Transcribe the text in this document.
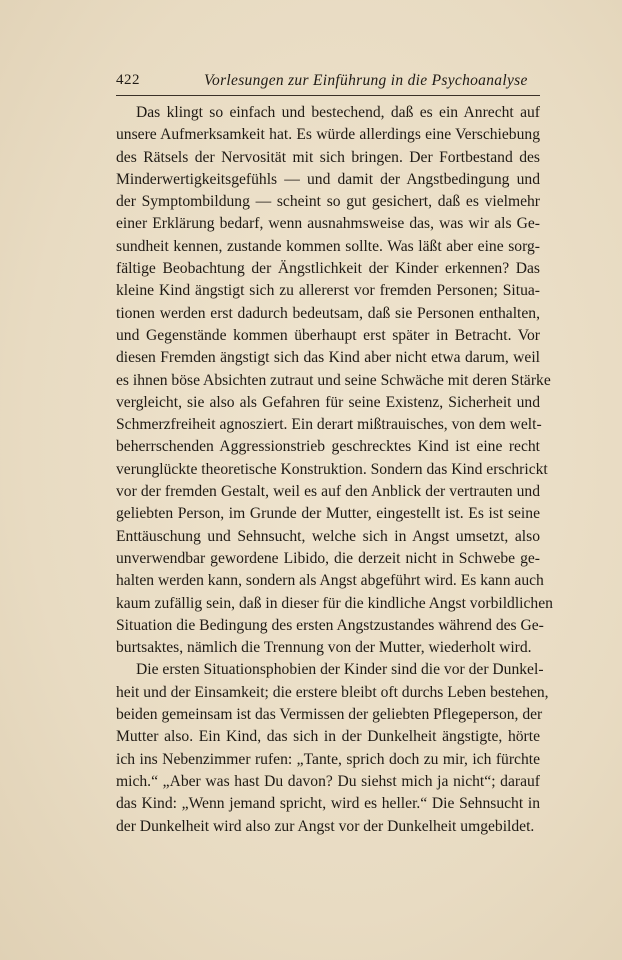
422	Vorlesungen zur Einführung in die Psychoanalyse

Das klingt so einfach und bestechend, daß es ein Anrecht auf
unsere Aufmerksamkeit hat. Es würde allerdings eine Verschiebung
des Rätsels der Nervosität mit sich bringen. Der Fortbestand des
Minderwertigkeitsgefühls — und damit der Angstbedingung und
der Symptombildung — scheint so gut gesichert, daß es vielmehr
einer Erklärung bedarf, wenn ausnahmsweise das, was wir als Ge-
sundheit kennen, zustande kommen sollte. Was läßt aber eine sorg-
fältige Beobachtung der Ängstlichkeit der Kinder erkennen? Das
kleine Kind ängstigt sich zu allererst vor fremden Personen; Situa-
tionen werden erst dadurch bedeutsam, daß sie Personen enthalten,
und Gegenstände kommen überhaupt erst später in Betracht. Vor
diesen Fremden ängstigt sich das Kind aber nicht etwa darum, weil
es ihnen böse Absichten zutraut und seine Schwäche mit deren Stärke
vergleicht, sie also als Gefahren für seine Existenz, Sicherheit und
Schmerzfreiheit agnosziert. Ein derart mißtrauisches, von dem welt-
beherrschenden Aggressionstrieb geschrecktes Kind ist eine recht
verunglückte theoretische Konstruktion. Sondern das Kind erschrickt
vor der fremden Gestalt, weil es auf den Anblick der vertrauten und
geliebten Person, im Grunde der Mutter, eingestellt ist. Es ist seine
Enttäuschung und Sehnsucht, welche sich in Angst umsetzt, also
unverwendbar gewordene Libido, die derzeit nicht in Schwebe ge-
halten werden kann, sondern als Angst abgeführt wird. Es kann auch
kaum zufällig sein, daß in dieser für die kindliche Angst vorbildlichen
Situation die Bedingung des ersten Angstzustandes während des Ge-
burtsaktes, nämlich die Trennung von der Mutter, wiederholt wird.

Die ersten Situationsphobien der Kinder sind die vor der Dunkel-
heit und der Einsamkeit; die erstere bleibt oft durchs Leben bestehen,
beiden gemeinsam ist das Vermissen der geliebten Pflegeperson, der
Mutter also. Ein Kind, das sich in der Dunkelheit ängstigte, hörte
ich ins Nebenzimmer rufen: „Tante, sprich doch zu mir, ich fürchte
mich.“ „Aber was hast Du davon? Du siehst mich ja nicht“; darauf
das Kind: „Wenn jemand spricht, wird es heller.“ Die Sehnsucht in
der Dunkelheit wird also zur Angst vor der Dunkelheit umgebildet.
